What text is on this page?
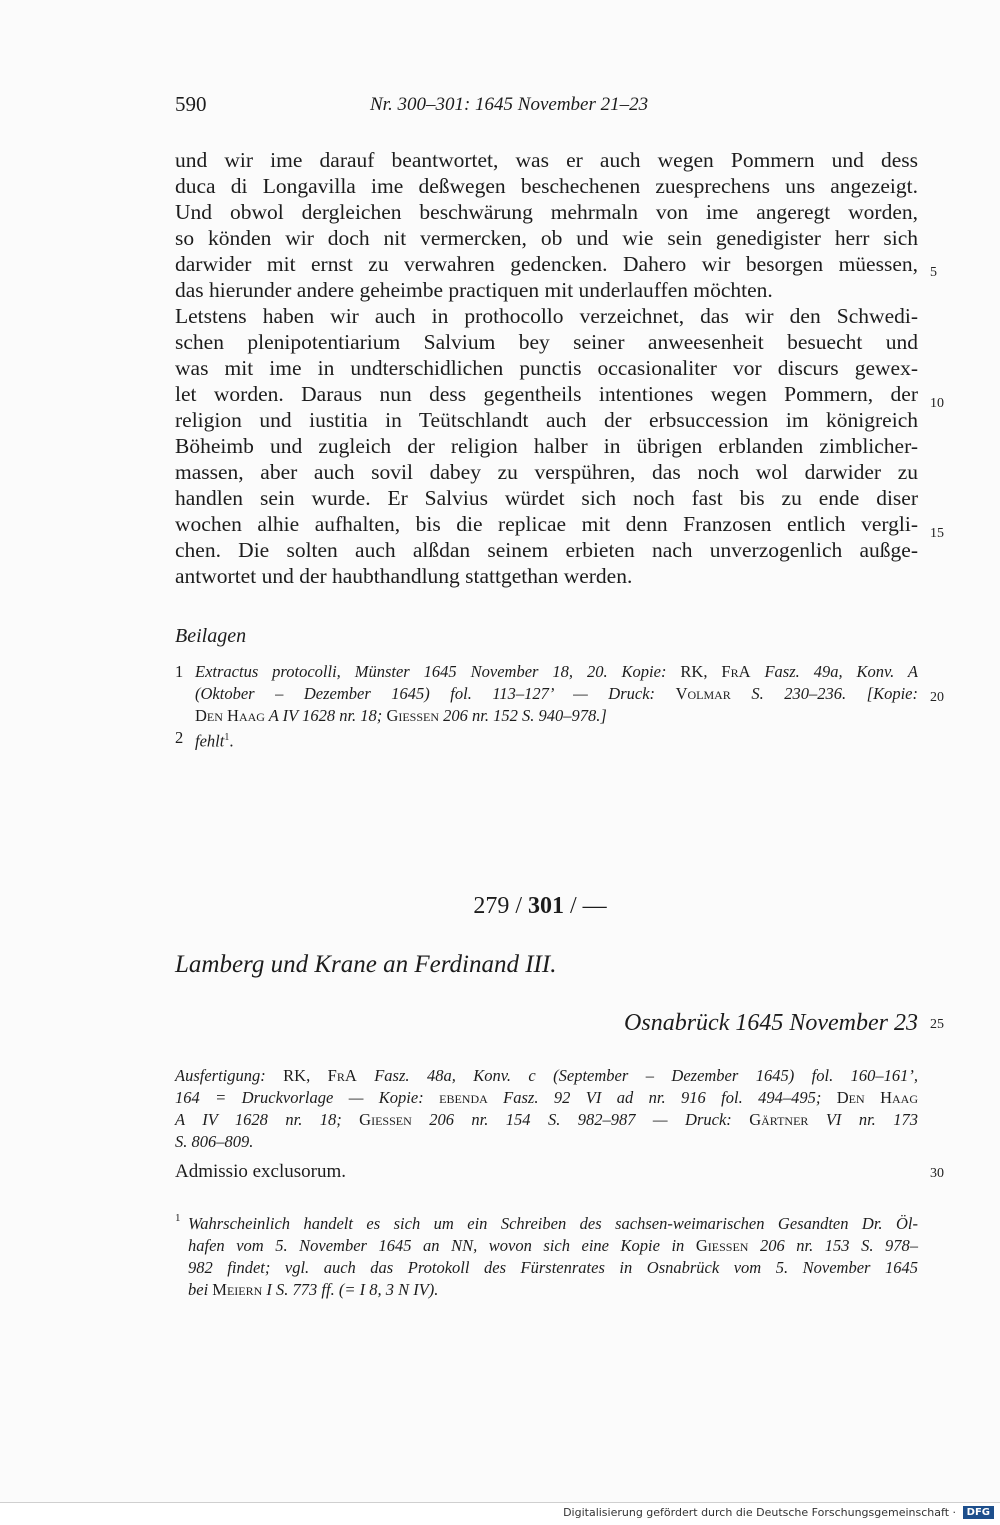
590	Nr. 300–301: 1645 November 21–23
und wir ime darauf beantwortet, was er auch wegen Pommern und dess
duca di Longavilla ime deßwegen beschechenen zuesprechens uns angezeigt.
Und obwol dergleichen beschwärung mehrmaln von ime angeregt worden,
so könden wir doch nit vermercken, ob und wie sein genedigister herr sich
darwider mit ernst zu verwahren gedencken. Dahero wir besorgen müessen,
das hierunder andere geheimbe practiquen mit underlauffen möchten.
Letstens haben wir auch in prothocollo verzeichnet, das wir den Schwedi-
schen plenipotentiarium Salvium bey seiner anweesenheit besuecht und
was mit ime in undterschidlichen punctis occasionaliter vor discurs gewex-
let worden. Daraus nun dess gegentheils intentiones wegen Pommern, der
religion und iustitia in Teütschlandt auch der erbsuccession im königreich
Böheimb und zugleich der religion halber in übrigen erblanden zimblicher-
massen, aber auch sovil dabey zu verspühren, das noch wol darwider zu
handlen sein wurde. Er Salvius würdet sich noch fast bis zu ende diser
wochen alhie aufhalten, bis die replicae mit denn Franzosen entlich vergli-
chen. Die solten auch alßdan seinem erbieten nach unverzogenlich außge-
antwortet und der haubthandlung stattgethan werden.
5
10
15
20
25
30
Beilagen
1 Extractus protocolli, Münster 1645 November 18, 20. Kopie: RK, FrA Fasz. 49a, Konv. A
(Oktober – Dezember 1645) fol. 113–127’ — Druck: Volmar S. 230–236. [Kopie:
Den Haag A IV 1628 nr. 18; Giessen 206 nr. 152 S. 940–978.]
2 fehlt$^1$.
279 / 301 / —
Lamberg und Krane an Ferdinand III.
Osnabrück 1645 November 23
Ausfertigung: RK, FrA Fasz. 48a, Konv. c (September – Dezember 1645) fol. 160–161’,
164 = Druckvorlage — Kopie: ebenda Fasz. 92 VI ad nr. 916 fol. 494–495; Den Haag
A IV 1628 nr. 18; Giessen 206 nr. 154 S. 982–987 — Druck: Gärtner VI nr. 173
S. 806–809.
Admissio exclusorum.
1 Wahrscheinlich handelt es sich um ein Schreiben des sachsen-weimarischen Gesandten Dr. Öl-
hafen vom 5. November 1645 an NN, wovon sich eine Kopie in Giessen 206 nr. 153 S. 978–
982 findet; vgl. auch das Protokoll des Fürstenrates in Osnabrück vom 5. November 1645
bei Meiern I S. 773 ff. (= I 8, 3 N IV).
Digitalisierung gefördert durch die Deutsche Forschungsgemeinschaft ·	DFG
